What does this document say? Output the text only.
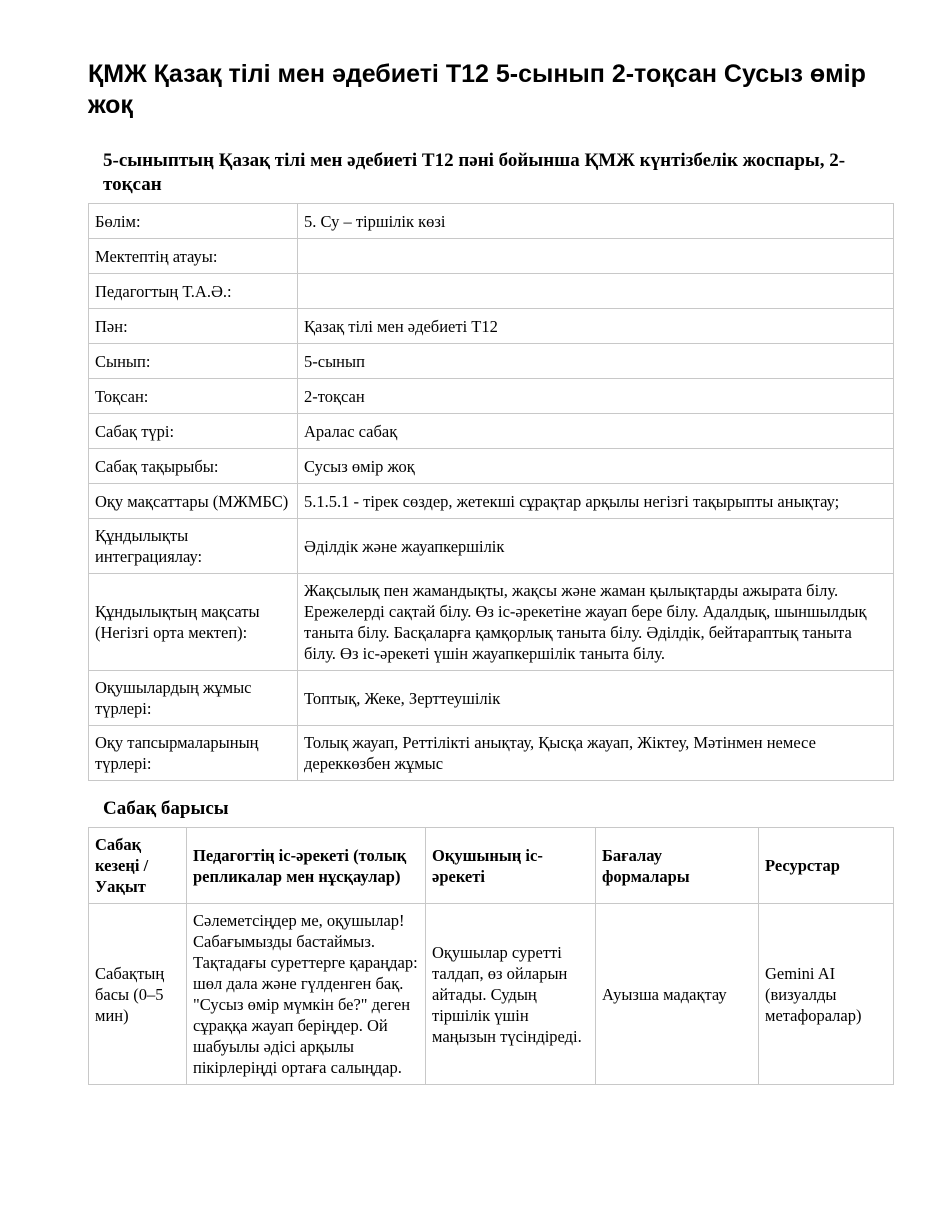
ҚМЖ Қазақ тілі мен әдебиеті Т12 5-сынып 2-тоқсан Сусыз өмір жоқ
5-сыныптың Қазақ тілі мен әдебиеті Т12 пәні бойынша ҚМЖ күнтізбелік жоспары, 2-тоқсан
Бөлім:	5. Су – тіршілік көзі
Мектептің атауы:	
Педагогтың Т.А.Ә.:	
Пән:	Қазақ тілі мен әдебиеті Т12
Сынып:	5-сынып
Тоқсан:	2-тоқсан
Сабақ түрі:	Аралас сабақ
Сабақ тақырыбы:	Сусыз өмір жоқ
Оқу мақсаттары (МЖМБС)	5.1.5.1 - тірек сөздер, жетекші сұрақтар арқылы негізгі тақырыпты анықтау;
Құндылықты интеграциялау:	Әділдік және жауапкершілік
Құндылықтың мақсаты (Негізгі орта мектеп):	Жақсылық пен жамандықты, жақсы және жаман қылықтарды ажырата білу. Ережелерді сақтай білу. Өз іс-әрекетіне жауап бере білу. Адалдық, шыншылдық таныта білу. Басқаларға қамқорлық таныта білу. Әділдік, бейтараптық таныта білу. Өз іс-әрекеті үшін жауапкершілік таныта білу.
Оқушылардың жұмыс түрлері:	Топтық, Жеке, Зерттеушілік
Оқу тапсырмаларының түрлері:	Толық жауап, Реттілікті анықтау, Қысқа жауап, Жіктеу, Мәтінмен немесе дереккөзбен жұмыс
Сабақ барысы
Сабақ кезеңі / Уақыт	Педагогтің іс-әрекеті (толық репликалар мен нұсқаулар)	Оқушының іс-әрекеті	Бағалау формалары	Ресурстар
Сабақтың басы (0–5 мин)	Сәлеметсіңдер ме, оқушылар! Сабағымызды бастаймыз. Тақтадағы суреттерге қараңдар: шөл дала және гүлденген бақ. "Сусыз өмір мүмкін бе?" деген сұраққа жауап беріңдер. Ой шабуылы әдісі арқылы пікірлеріңді ортаға салыңдар.	Оқушылар суретті талдап, өз ойларын айтады. Судың тіршілік үшін маңызын түсіндіреді.	Ауызша мадақтау	Gemini AI (визуалды метафоралар)
